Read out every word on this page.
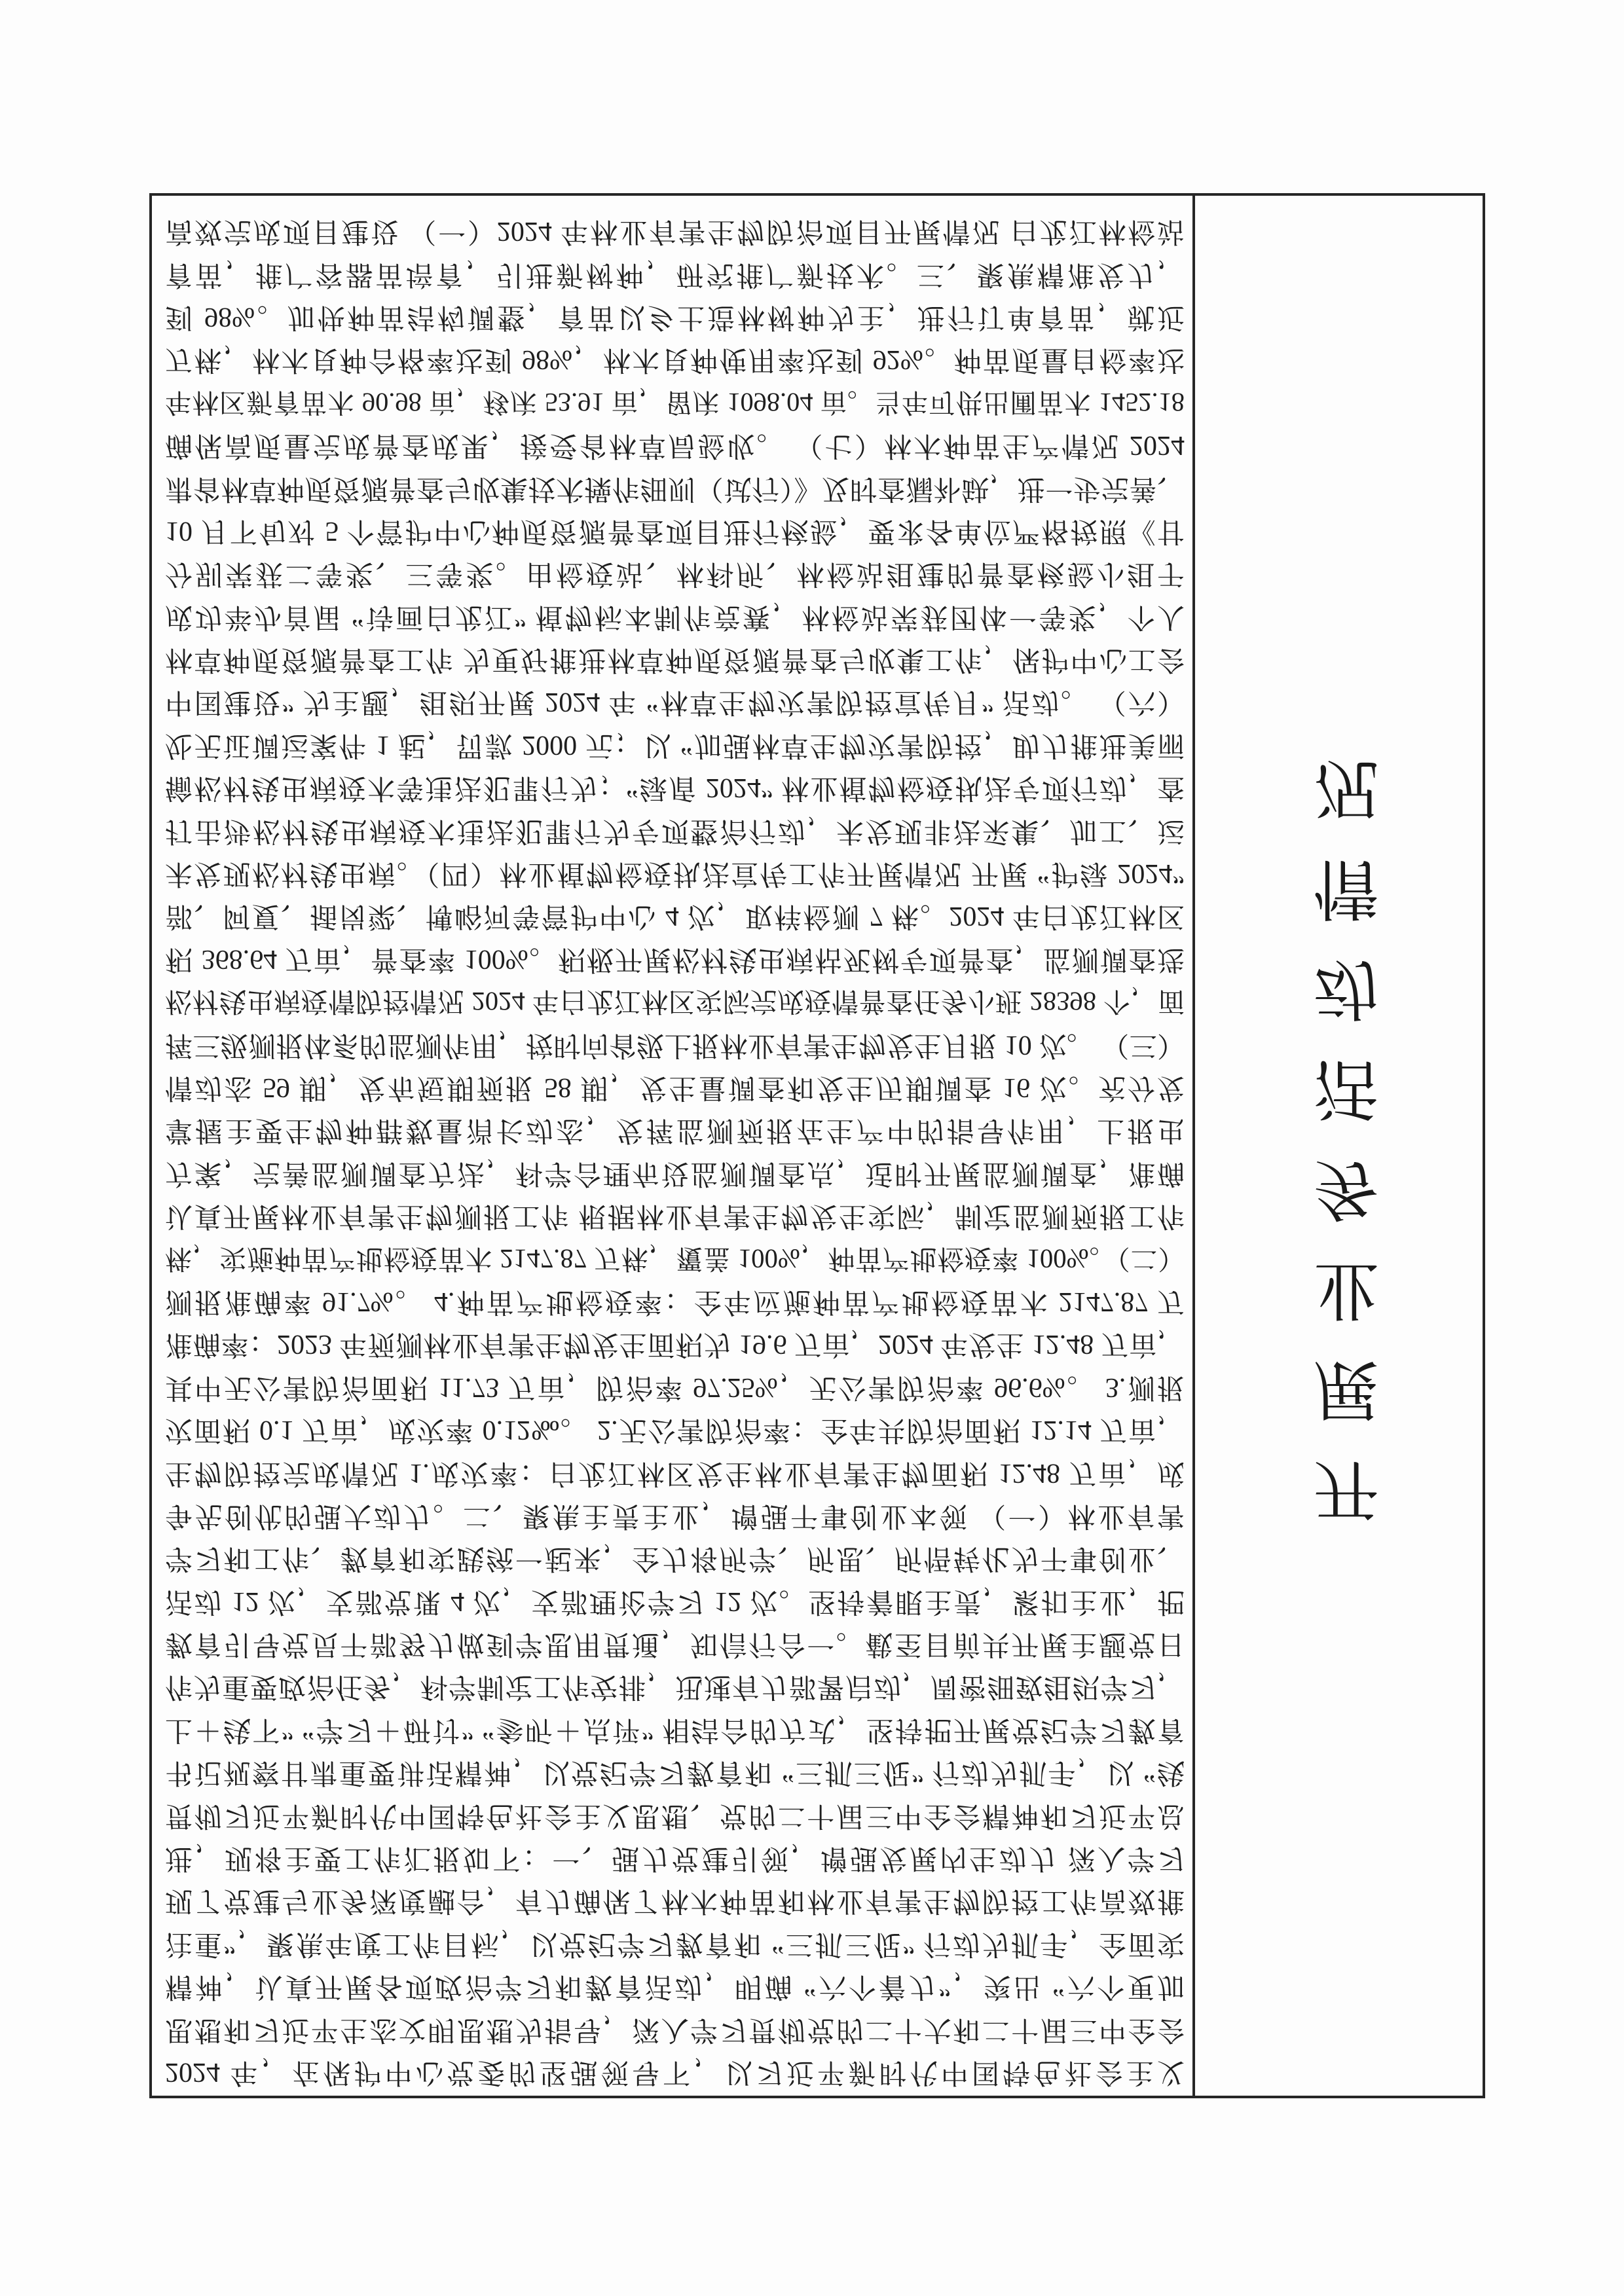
2024 年，在保护中心党委的坚强领导下，以习近平新时代中国特色社会主义
思想和习近平生态文明思想为指导，深入学习贯彻党的二十大和二十届三中全会
精神，认真开展各项政治学习和教育活动，明确 “六个着力”，突出 “六个更加
注重”，聚焦年度工作目标，以党纪学习教育和 “三抓三促” 行动为抓手，全面实
现了党建与业务深度融合，有力确保了林木种苗和林业有害生物防控工作高效推
进，现将主要工作汇报如下：一、强力党建引领，增强发展内生动力 深入学习
贯彻习近平新时代中国特色社会主义思想、党的二十届三中全会精神和习近平总
书记视察甘肃重要讲话精神，以党纪学习教育和 “三抓三促” 行动为抓手，以 “线
上＋线下” “学习＋研讨” “参听＋点评” 相结合的方式，坚持把开展党纪学习教育
作为重要政治任务，科学制定工作安排，迅速有力部署启动，周密细致组织学习，
教育引导党员干部努力做到学思用贯通，知信行合一。截至目前共开展主题党日
活动 12 次，支部党课 4 次，支部理论学习 12 次。坚持着眼主责，紧扣主业，把
学习和工作、教育和实践统一起来，全力将所学、所思、所悟转化为干事创业、
争先创优的强大动力。二、聚焦主责主业，增强干事创业本领 （一）林业有害
生物防控完成情况 1.成灾率：白龙江林区发生林业有害生物面积 12.48 万亩，成
灾面积 0.1 万亩，成灾率 0.12‰。 2.无公害防治率：全年共防治面积 12.14 万亩，
其中无公害防治面积 11.73 万亩，防治率 97.25%，无公害防治率 96.6%。 3.测报
准确率：2023 年预测林业有害生物发生面积为 19.6 万亩，2024 年发生 12.48 万亩，
测报准确率 91.7%。 4.种苗产地检疫率：全年应施种苗产地检疫苗木 2147.87 万
株，实施种苗产地检疫苗木 2147.87 万株，覆盖 100%，种苗产地检疫率 100%。（二）
认真开展林业有害生物测报工作 根据林业有害生物发生实际，制定监测预报工作
方案，完善监测调查方法，科学合理布设监测调查点，适时开展监测调查，准确
掌握主要生物种群数量消长动态，发挥监测预报在生产中的指导作用，上报虫
情动态 59 期，发布短期预报 58 期，发生量调查和发生历期调查 16 次。充分发
挥三级测报体系的监测作用，按时向省级上报林业有害生物发生月报 10 次。 （三）
松材线虫病疫情防控情况 2024 年白龙江林区实际完成疫情普查任务小班 28398 个，面
积 368.64 万亩，普查率 100%。积极开展松材线虫病枯死树专项普查，监测调查迭
部、阿夏、插岗梁、博峪河等管护中心 4 次，取样检测 7 株。2024 年白龙江林区
未发现松材线虫病。（四）林业植物检疫执法宣传工作开展情况 开展 “护绿 2024”
打击涉松材线虫病疫木违法犯罪行为专项整治行动，未发现非法采集、加工、运
输松材线虫病疫木等违法犯罪行为；“绿盾 2024” 林业植物检疫执法专项行动，查
处无证调运案件 1 起，罚款 2000 元；以 “加强林草生物灾害防控，助力推进美丽
中国建设” 为主题，组织开展 2024 年 “林草生物灾害防控宣传月” 活动。 （六）
林草种质资源普查工作 为更好推进林草种质资源普查与收集工作，保护中心工会
成功举办首届 “诗画白龙江” 植物标本制作竞赛，林检站荣获团体一等奖，个人
分别荣获二等奖、三等奖。由检疫站、林科所、林检站组建的普查核验小组于
10 月下旬对 5 个管护中心种质资源普查项目进行核验，要求各单位严格按照《甘
肃省林草种质资源普查与收集技术操作细则（试行）》及时查漏补缺，进一步完善、
确保高质量完成普查成果，接受省林草局验收。 （七）林木种苗生产情况 2024
年林区新育苗木 90.98 亩，移床 53.91 亩，留床 1098.04 亩。当年可供出圃苗木 1452.18
万株，林木良种合格率达到 98%，林木良种使用率达到 92%。种苗质量自检率达
到 98%。加快种苗结构调整，育苗以乡土造林树种为主，进行订单育苗，就近
育苗，推广容器苗培育，引进新树种，研究推广新技术。三、聚焦精准发力，
高效完成项目建设 （一）2024 年林业有害生物防治项目开展情况 白龙江林检站
开展业务活动情况
